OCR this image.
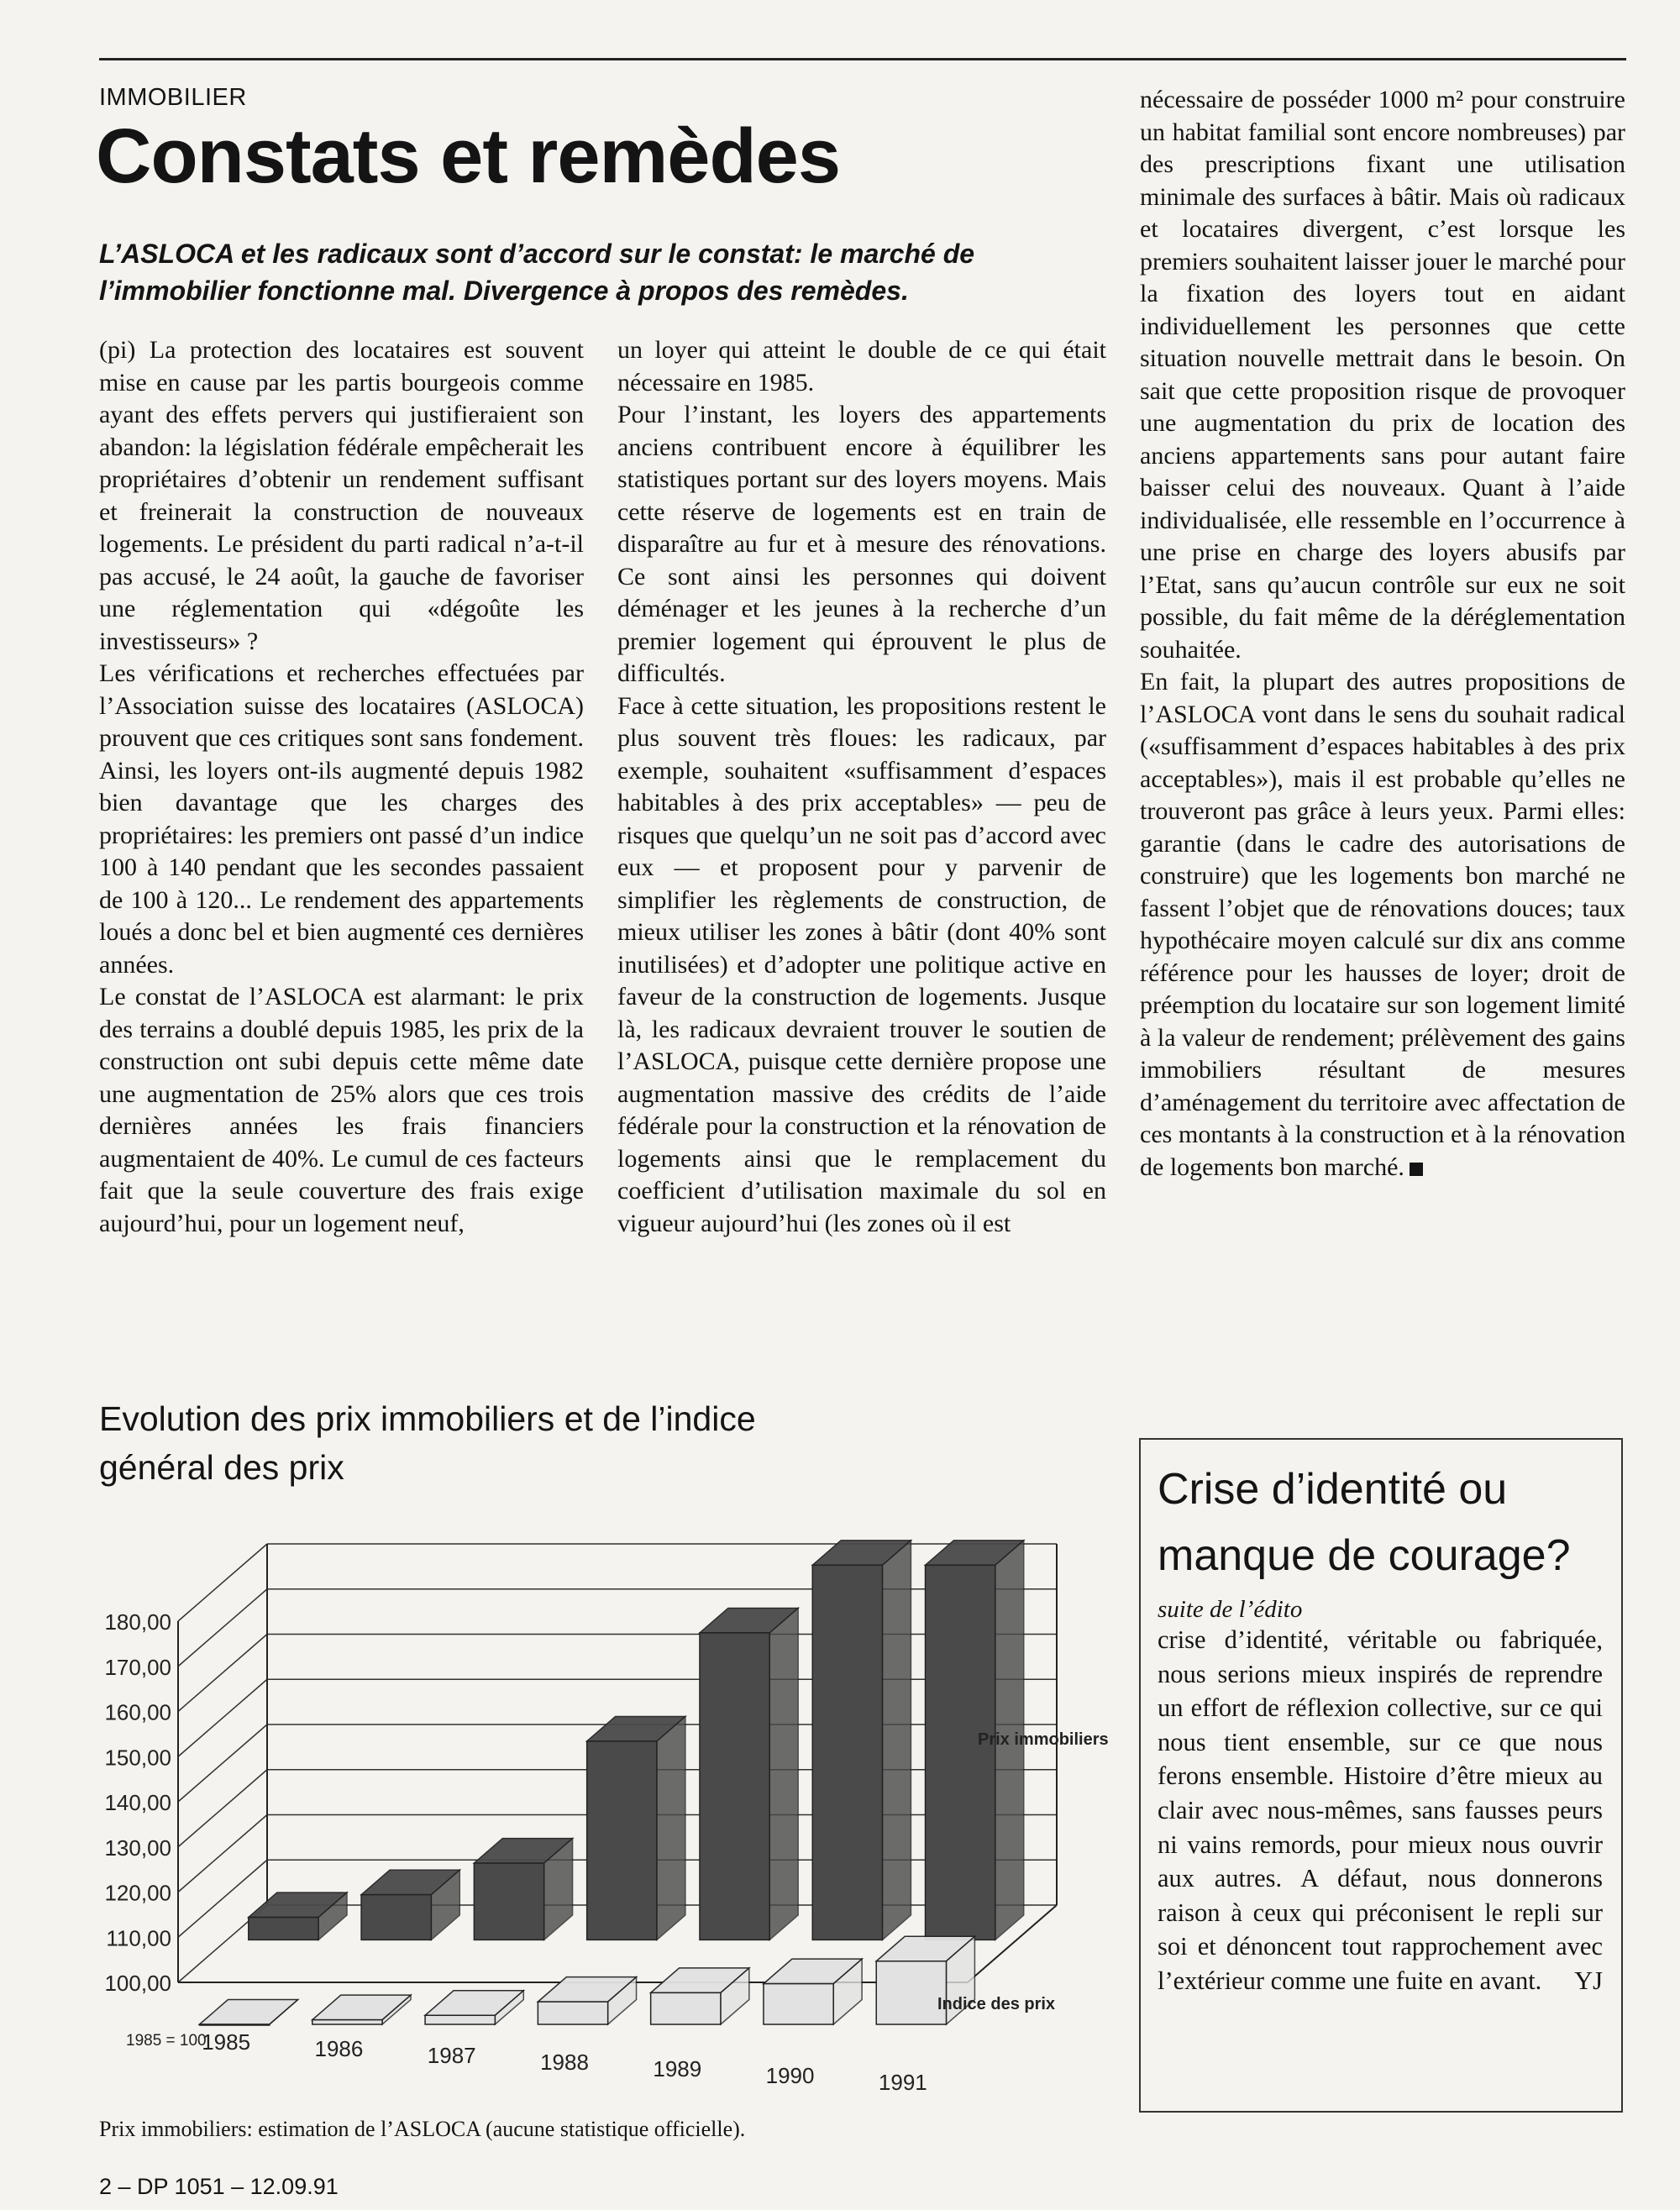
IMMOBILIER
Constats et remèdes

L’ASLOCA et les radicaux sont d’accord sur le constat: le marché de l’immobilier fonctionne mal. Divergence à propos des remèdes.

(pi) La protection des locataires est souvent mise en cause par les partis bourgeois comme ayant des effets pervers qui justifieraient son abandon: la législation fédérale empêcherait les propriétaires d’obtenir un rendement suffisant et freinerait la construction de nouveaux logements. Le président du parti radical n’a-t-il pas accusé, le 24 août, la gauche de favoriser une réglementation qui «dégoûte les investisseurs» ?

Les vérifications et recherches effectuées par l’Association suisse des locataires (ASLOCA) prouvent que ces critiques sont sans fondement. Ainsi, les loyers ont-ils augmenté depuis 1982 bien davantage que les charges des propriétaires: les premiers ont passé d’un indice 100 à 140 pendant que les secondes passaient de 100 à 120... Le rendement des appartements loués a donc bel et bien augmenté ces dernières années.

Le constat de l’ASLOCA est alarmant: le prix des terrains a doublé depuis 1985, les prix de la construction ont subi depuis cette même date une augmentation de 25% alors que ces trois dernières années les frais financiers augmentaient de 40%. Le cumul de ces facteurs fait que la seule couverture des frais exige aujourd’hui, pour un logement neuf,

un loyer qui atteint le double de ce qui était nécessaire en 1985.

Pour l’instant, les loyers des appartements anciens contribuent encore à équilibrer les statistiques portant sur des loyers moyens. Mais cette réserve de logements est en train de disparaître au fur et à mesure des rénovations. Ce sont ainsi les personnes qui doivent déménager et les jeunes à la recherche d’un premier logement qui éprouvent le plus de difficultés.

Face à cette situation, les propositions restent le plus souvent très floues: les radicaux, par exemple, souhaitent «suffisamment d’espaces habitables à des prix acceptables» — peu de risques que quelqu’un ne soit pas d’accord avec eux — et proposent pour y parvenir de simplifier les règlements de construction, de mieux utiliser les zones à bâtir (dont 40% sont inutilisées) et d’adopter une politique active en faveur de la construction de logements. Jusque là, les radicaux devraient trouver le soutien de l’ASLOCA, puisque cette dernière propose une augmentation massive des crédits de l’aide fédérale pour la construction et la rénovation de logements ainsi que le remplacement du coefficient d’utilisation maximale du sol en vigueur aujourd’hui (les zones où il est

nécessaire de posséder 1000 m² pour construire un habitat familial sont encore nombreuses) par des prescriptions fixant une utilisation minimale des surfaces à bâtir. Mais où radicaux et locataires divergent, c’est lorsque les premiers souhaitent laisser jouer le marché pour la fixation des loyers tout en aidant individuellement les personnes que cette situation nouvelle mettrait dans le besoin. On sait que cette proposition risque de provoquer une augmentation du prix de location des anciens appartements sans pour autant faire baisser celui des nouveaux. Quant à l’aide individualisée, elle ressemble en l’occurrence à une prise en charge des loyers abusifs par l’Etat, sans qu’aucun contrôle sur eux ne soit possible, du fait même de la déréglementation souhaitée.

En fait, la plupart des autres propositions de l’ASLOCA vont dans le sens du souhait radical («suffisamment d’espaces habitables à des prix acceptables»), mais il est probable qu’elles ne trouveront pas grâce à leurs yeux. Parmi elles: garantie (dans le cadre des autorisations de construire) que les logements bon marché ne fassent l’objet que de rénovations douces; taux hypothécaire moyen calculé sur dix ans comme référence pour les hausses de loyer; droit de préemption du locataire sur son logement limité à la valeur de rendement; prélèvement des gains immobiliers résultant de mesures d’aménagement du territoire avec affectation de ces montants à la construction et à la rénovation de logements bon marché.

Evolution des prix immobiliers et de l’indice général des prix
100,00
110,00
120,00
130,00
140,00
150,00
160,00
170,00
180,00
1985	1986	1987	1988	1989	1990	1991
1985 = 100
Prix immobiliers
Indice des prix
Prix immobiliers: estimation de l’ASLOCA (aucune statistique officielle).
Crise d’identité ou manque de courage?
suite de l’édito

crise d’identité, véritable ou fabriquée, nous serions mieux inspirés de reprendre un effort de réflexion collective, sur ce qui nous tient ensemble, sur ce que nous ferons ensemble. Histoire d’être mieux au clair avec nous-mêmes, sans fausses peurs ni vains remords, pour mieux nous ouvrir aux autres. A défaut, nous donnerons raison à ceux qui préconisent le repli sur soi et dénoncent tout rapprochement avec l’extérieur comme une fuite en avant. YJ

2 – DP 1051 – 12.09.91
